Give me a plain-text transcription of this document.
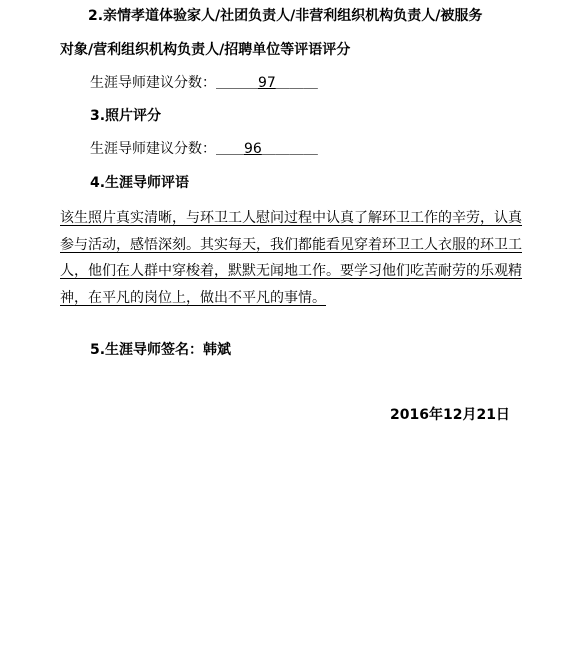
2.亲情孝道体验家人/社团负责人/非营利组织机构负责人/被服务
对象/营利组织机构负责人/招聘单位等评语评分
生涯导师建议分数：＿＿＿97＿＿＿
3.照片评分
生涯导师建议分数：＿＿96＿＿＿＿
4.生涯导师评语
该生照片真实清晰，与环卫工人慰问过程中认真了解环卫工作的辛劳，认真参与活动，感悟深刻。其实每天，我们都能看见穿着环卫工人衣服的环卫工人，他们在人群中穿梭着，默默无闻地工作。要学习他们吃苦耐劳的乐观精神，在平凡的岗位上，做出不平凡的事情。
5.生涯导师签名：韩斌
2016年12月21日
